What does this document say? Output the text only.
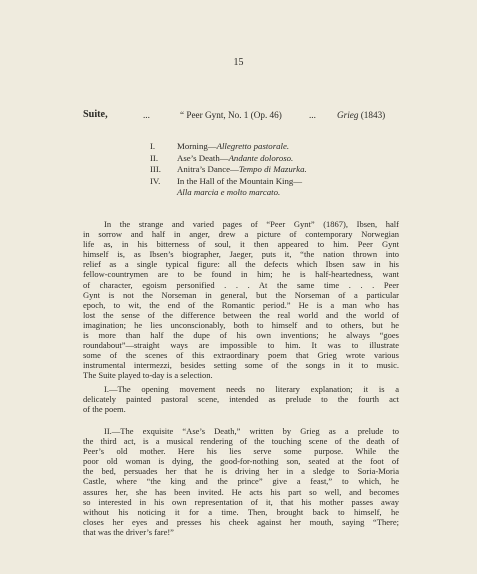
15
Suite,	...	“ Peer Gynt, No. 1 (Op. 46)	... Grieg (1843)
I. Morning—Allegretto pastorale.
II. Ase’s Death—Andante doloroso.
III. Anitra’s Dance—Tempo di Mazurka.
IV. In the Hall of the Mountain King—
Alla marcia e molto marcato.

In the strange and varied pages of “Peer Gynt” (1867), Ibsen, half
in sorrow and half in anger, drew a picture of contemporary Norwegian
life as, in his bitterness of soul, it then appeared to him. Peer Gynt
himself is, as Ibsen’s biographer, Jaeger, puts it, “the nation thrown into
relief as a single typical figure: all the defects which Ibsen saw in his
fellow-countrymen are to be found in him; he is half-heartedness, want
of character, egoism personified . . . At the same time . . . Peer
Gynt is not the Norseman in general, but the Norseman of a particular
epoch, to wit, the end of the Romantic period.” He is a man who has
lost the sense of the difference between the real world and the world of
imagination; he lies unconscionably, both to himself and to others, but he
is more than half the dupe of his own inventions; he always “goes
roundabout”—straight ways are impossible to him. It was to illustrate
some of the scenes of this extraordinary poem that Grieg wrote various
instrumental intermezzi, besides setting some of the songs in it to music.
The Suite played to-day is a selection.

I.—The opening movement needs no literary explanation; it is a
delicately painted pastoral scene, intended as prelude to the fourth act
of the poem.

II.—The exquisite “Ase’s Death,” written by Grieg as a prelude to
the third act, is a musical rendering of the touching scene of the death of
Peer’s old mother. Here his lies serve some purpose. While the
poor old woman is dying, the good-for-nothing son, seated at the foot of
the bed, persuades her that he is driving her in a sledge to Soria-Moria
Castle, where “the king and the prince” give a feast,” to which, he
assures her, she has been invited. He acts his part so well, and becomes
so interested in his own representation of it, that his mother passes away
without his noticing it for a time. Then, brought back to himself, he
closes her eyes and presses his cheek against her mouth, saying “There;
that was the driver’s fare!”
